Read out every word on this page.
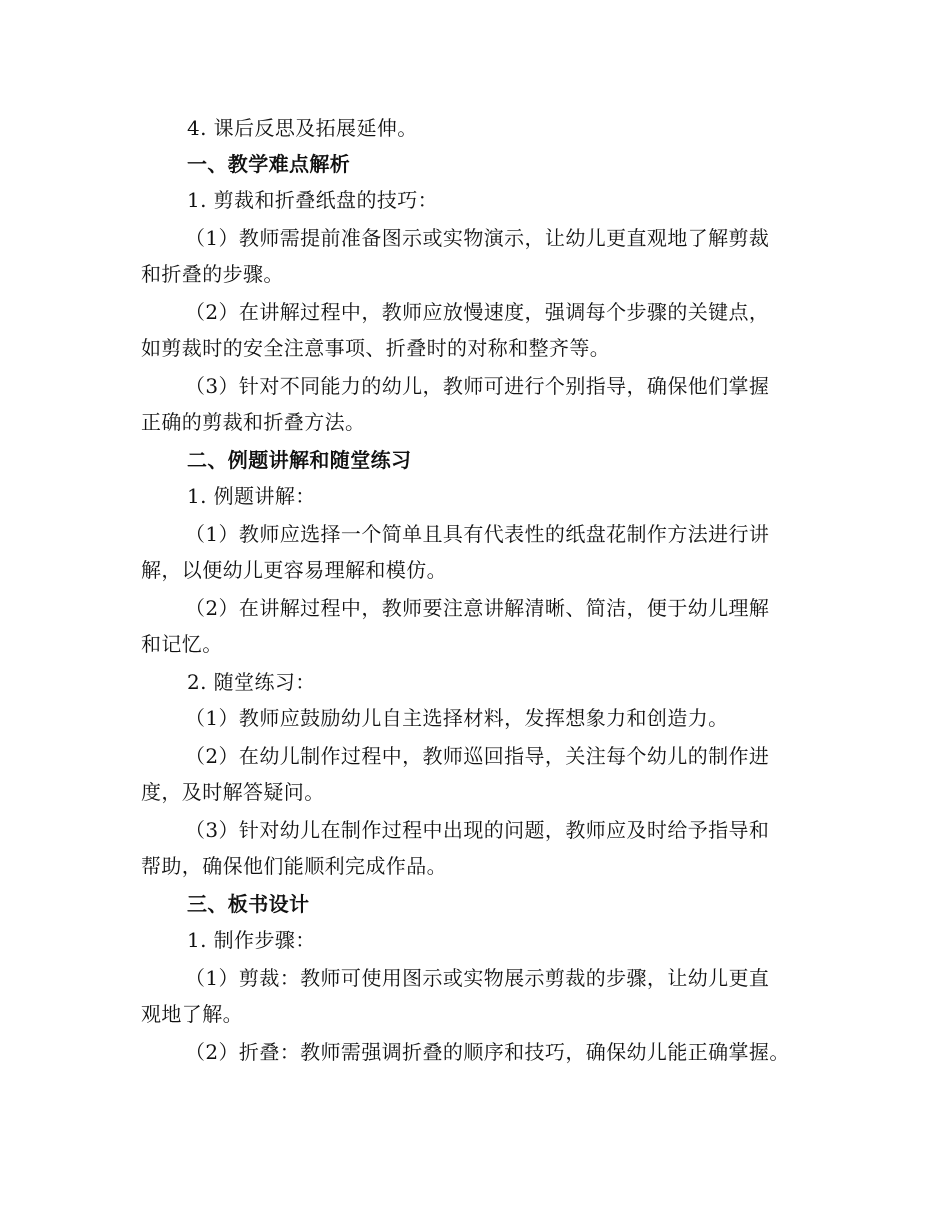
4. 课后反思及拓展延伸。
一、教学难点解析
1. 剪裁和折叠纸盘的技巧：
（1）教师需提前准备图示或实物演示，让幼儿更直观地了解剪裁
和折叠的步骤。
（2）在讲解过程中，教师应放慢速度，强调每个步骤的关键点，
如剪裁时的安全注意事项、折叠时的对称和整齐等。
（3）针对不同能力的幼儿，教师可进行个别指导，确保他们掌握
正确的剪裁和折叠方法。
二、例题讲解和随堂练习
1. 例题讲解：
（1）教师应选择一个简单且具有代表性的纸盘花制作方法进行讲
解，以便幼儿更容易理解和模仿。
（2）在讲解过程中，教师要注意讲解清晰、简洁，便于幼儿理解
和记忆。
2. 随堂练习：
（1）教师应鼓励幼儿自主选择材料，发挥想象力和创造力。
（2）在幼儿制作过程中，教师巡回指导，关注每个幼儿的制作进
度，及时解答疑问。
（3）针对幼儿在制作过程中出现的问题，教师应及时给予指导和
帮助，确保他们能顺利完成作品。
三、板书设计
1. 制作步骤：
（1）剪裁：教师可使用图示或实物展示剪裁的步骤，让幼儿更直
观地了解。
（2）折叠：教师需强调折叠的顺序和技巧，确保幼儿能正确掌握。
